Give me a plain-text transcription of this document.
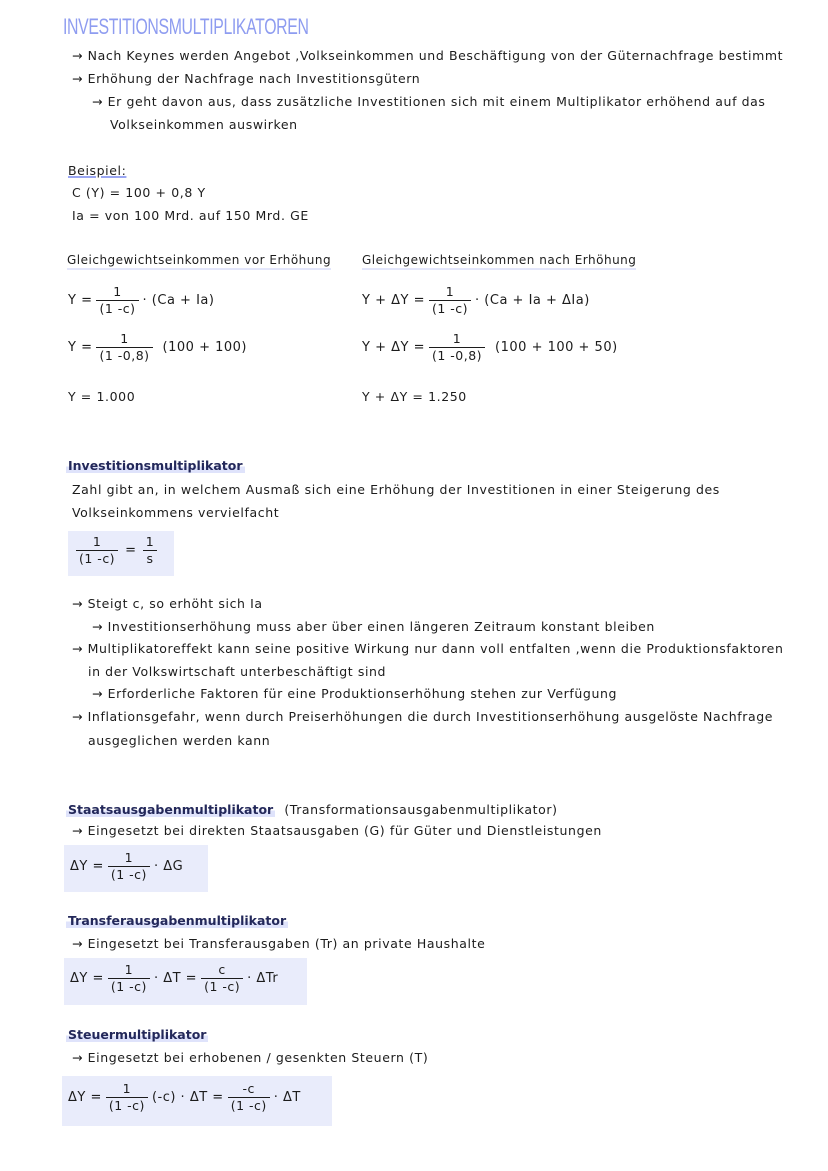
INVESTITIONSMULTIPLIKATOREN
→ Nach Keynes werden Angebot ,Volkseinkommen und Beschäftigung von der Güternachfrage bestimmt
→ Erhöhung der Nachfrage nach Investitionsgütern
→ Er geht davon aus, dass zusätzliche Investitionen sich mit einem Multiplikator erhöhend auf das
Volkseinkommen auswirken
Beispiel:
C (Y) = 100 + 0,8 Y
Ia = von 100 Mrd. auf 150 Mrd. GE
Gleichgewichtseinkommen vor Erhöhung
$Y = \frac{1}{(1 -c)} \cdot (Ca + Ia)$
$Y = \frac{1}{(1 -0,8)} (100 + 100)$
Y = 1.000
Gleichgewichtseinkommen nach Erhöhung
$Y + \Delta Y = \frac{1}{(1 -c)} \cdot (Ca + Ia + \Delta Ia)$
$Y + \Delta Y = \frac{1}{(1 -0,8)} (100 + 100 + 50)$
Y + ΔY = 1.250
Investitionsmultiplikator
Zahl gibt an, in welchem Ausmaß sich eine Erhöhung der Investitionen in einer Steigerung des
Volkseinkommens vervielfacht
$\frac{1}{(1 -c)} = \frac{1}{s}$
→ Steigt c, so erhöht sich Ia
→ Investitionserhöhung muss aber über einen längeren Zeitraum konstant bleiben
→ Multiplikatoreffekt kann seine positive Wirkung nur dann voll entfalten ,wenn die Produktionsfaktoren
in der Volkswirtschaft unterbeschäftigt sind
→ Erforderliche Faktoren für eine Produktionserhöhung stehen zur Verfügung
→ Inflationsgefahr, wenn durch Preiserhöhungen die durch Investitionserhöhung ausgelöste Nachfrage
ausgeglichen werden kann
Staatsausgabenmultiplikator (Transformationsausgabenmultiplikator)
→ Eingesetzt bei direkten Staatsausgaben (G) für Güter und Dienstleistungen
$\Delta Y = \frac{1}{(1 -c)} \cdot \Delta G$
Transferausgabenmultiplikator
→ Eingesetzt bei Transferausgaben (Tr) an private Haushalte
$\Delta Y = \frac{1}{(1 -c)} \cdot \Delta T = \frac{c}{(1 -c)} \cdot \Delta Tr$
Steuermultiplikator
→ Eingesetzt bei erhobenen / gesenkten Steuern (T)
$\Delta Y = \frac{1}{(1 -c)} (-c) \cdot \Delta T = \frac{-c}{(1 -c)} \cdot \Delta T$
